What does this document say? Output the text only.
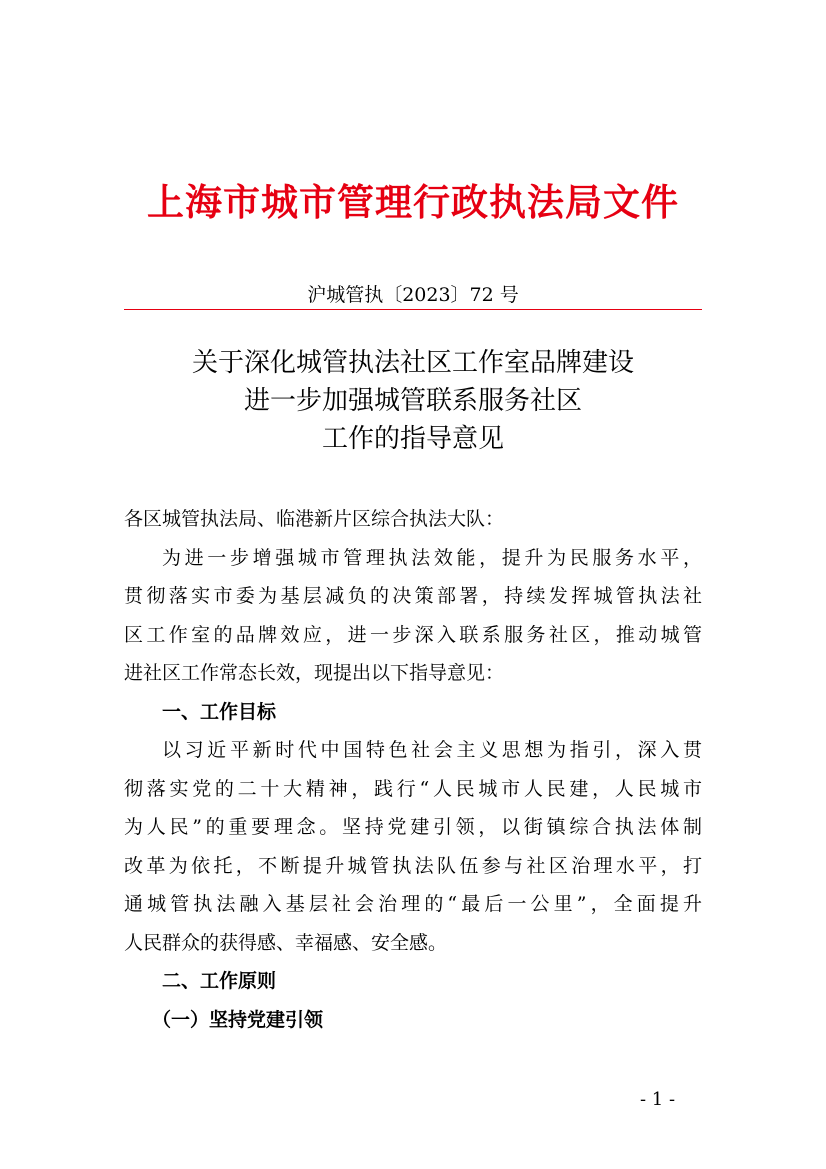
上海市城市管理行政执法局文件
沪城管执〔2023〕72 号
关于深化城管执法社区工作室品牌建设
进一步加强城管联系服务社区
工作的指导意见
各区城管执法局、临港新片区综合执法大队：
为进一步增强城市管理执法效能，提升为民服务水平，
贯彻落实市委为基层减负的决策部署，持续发挥城管执法社
区工作室的品牌效应，进一步深入联系服务社区，推动城管
进社区工作常态长效，现提出以下指导意见：
一、工作目标
以习近平新时代中国特色社会主义思想为指引，深入贯
彻落实党的二十大精神，践行“人民城市人民建，人民城市
为人民”的重要理念。坚持党建引领，以街镇综合执法体制
改革为依托，不断提升城管执法队伍参与社区治理水平，打
通城管执法融入基层社会治理的“最后一公里”，全面提升
人民群众的获得感、幸福感、安全感。
二、工作原则
（一）坚持党建引领
- 1 -
